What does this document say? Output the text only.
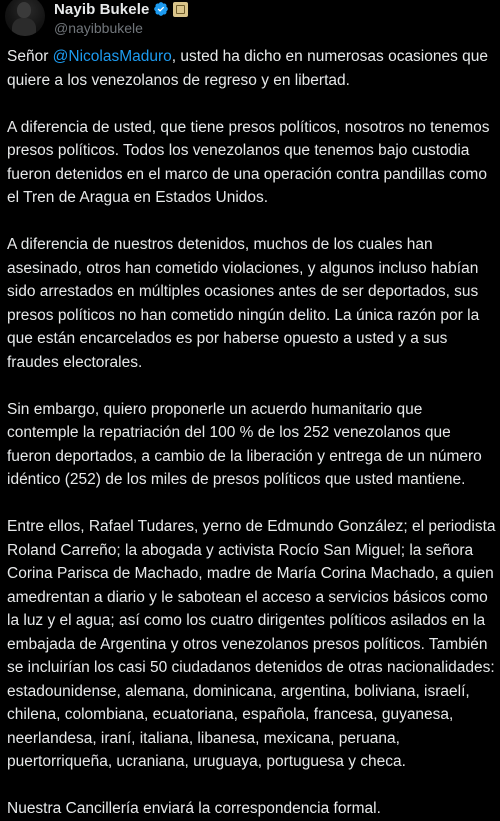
Nayib Bukele
@nayibbukele

Señor @NicolasMaduro, usted ha dicho en numerosas ocasiones que quiere a los venezolanos de regreso y en libertad.

A diferencia de usted, que tiene presos políticos, nosotros no tenemos presos políticos. Todos los venezolanos que tenemos bajo custodia fueron detenidos en el marco de una operación contra pandillas como el Tren de Aragua en Estados Unidos.

A diferencia de nuestros detenidos, muchos de los cuales han asesinado, otros han cometido violaciones, y algunos incluso habían sido arrestados en múltiples ocasiones antes de ser deportados, sus presos políticos no han cometido ningún delito. La única razón por la que están encarcelados es por haberse opuesto a usted y a sus fraudes electorales.

Sin embargo, quiero proponerle un acuerdo humanitario que contemple la repatriación del 100 % de los 252 venezolanos que fueron deportados, a cambio de la liberación y entrega de un número idéntico (252) de los miles de presos políticos que usted mantiene.

Entre ellos, Rafael Tudares, yerno de Edmundo González; el periodista Roland Carreño; la abogada y activista Rocío San Miguel; la señora Corina Parisca de Machado, madre de María Corina Machado, a quien amedrentan a diario y le sabotean el acceso a servicios básicos como la luz y el agua; así como los cuatro dirigentes políticos asilados en la embajada de Argentina y otros venezolanos presos políticos. También se incluirían los casi 50 ciudadanos detenidos de otras nacionalidades: estadounidense, alemana, dominicana, argentina, boliviana, israelí, chilena, colombiana, ecuatoriana, española, francesa, guyanesa, neerlandesa, iraní, italiana, libanesa, mexicana, peruana, puertorriqueña, ucraniana, uruguaya, portuguesa y checa.

Nuestra Cancillería enviará la correspondencia formal.
